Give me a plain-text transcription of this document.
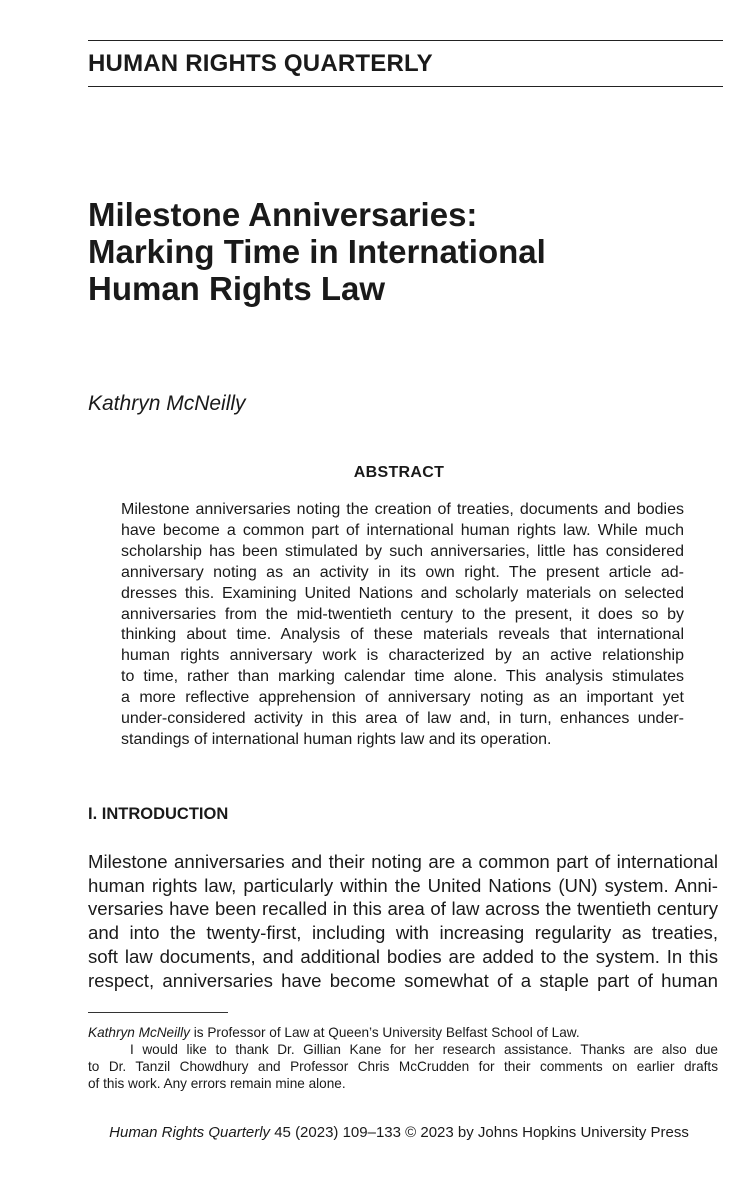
HUMAN RIGHTS QUARTERLY
Milestone Anniversaries:
Marking Time in International
Human Rights Law
Kathryn McNeilly
ABSTRACT
Milestone anniversaries noting the creation of treaties, documents and bodies
have become a common part of international human rights law. While much
scholarship has been stimulated by such anniversaries, little has considered
anniversary noting as an activity in its own right. The present article ad-
dresses this. Examining United Nations and scholarly materials on selected
anniversaries from the mid-twentieth century to the present, it does so by
thinking about time. Analysis of these materials reveals that international
human rights anniversary work is characterized by an active relationship
to time, rather than marking calendar time alone. This analysis stimulates
a more reflective apprehension of anniversary noting as an important yet
under-considered activity in this area of law and, in turn, enhances under-
standings of international human rights law and its operation.
I. INTRODUCTION
Milestone anniversaries and their noting are a common part of international
human rights law, particularly within the United Nations (UN) system. Anni-
versaries have been recalled in this area of law across the twentieth century
and into the twenty-first, including with increasing regularity as treaties,
soft law documents, and additional bodies are added to the system. In this
respect, anniversaries have become somewhat of a staple part of human
Kathryn McNeilly is Professor of Law at Queen’s University Belfast School of Law.
I would like to thank Dr. Gillian Kane for her research assistance. Thanks are also due
to Dr. Tanzil Chowdhury and Professor Chris McCrudden for their comments on earlier drafts
of this work. Any errors remain mine alone.
Human Rights Quarterly 45 (2023) 109–133 © 2023 by Johns Hopkins University Press
